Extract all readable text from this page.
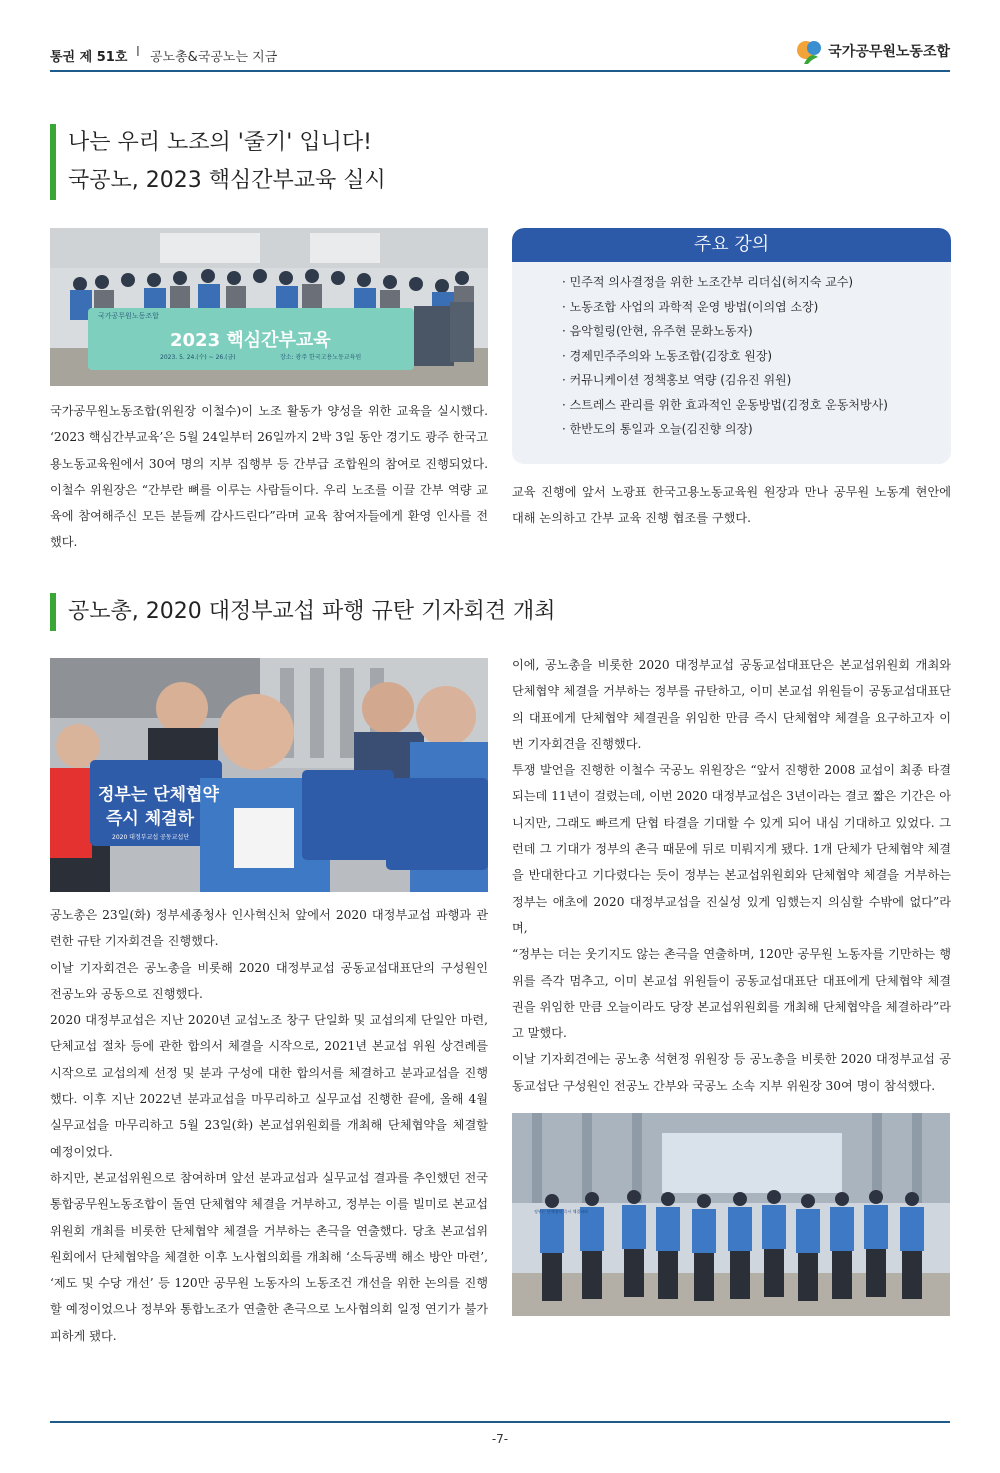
통권 제 51호 I 공노총&국공노는 지금	국가공무원노동조합
나는 우리 노조의 '줄기' 입니다!
국공노, 2023 핵심간부교육 실시
국가공무원노동조합
2023 핵심간부교육
2023. 5. 24.(수) ~ 26.(금)	장소: 광주 한국고용노동교육원

국가공무원노동조합(위원장 이철수)이 노조 활동가 양성을 위한 교육을 실시했다. ‘2023 핵심간부교육’은 5월 24일부터 26일까지 2박 3일 동안 경기도 광주 한국고용노동교육원에서 30여 명의 지부 집행부 등 간부급 조합원의 참여로 진행되었다. 이철수 위원장은 “간부란 뼈를 이루는 사람들이다. 우리 노조를 이끌 간부 역량 교육에 참여해주신 모든 분들께 감사드린다”라며 교육 참여자들에게 환영 인사를 전했다.

주요 강의
· 민주적 의사결정을 위한 노조간부 리더십(허지숙 교수)
· 노동조합 사업의 과학적 운영 방법(이의엽 소장)
· 음악힐링(안현, 유주현 문화노동자)
· 경제민주주의와 노동조합(김장호 원장)
· 커뮤니케이션 정책홍보 역량 (김유진 위원)
· 스트레스 관리를 위한 효과적인 운동방법(김정호 운동처방사)
· 한반도의 통일과 오늘(김진향 의장)

교육 진행에 앞서 노광표 한국고용노동교육원 원장과 만나 공무원 노동계 현안에 대해 논의하고 간부 교육 진행 협조를 구했다.

공노총, 2020 대정부교섭 파행 규탄 기자회견 개최
정부는 단체협약
즉시 체결하
2020 대정부교섭 공동교섭단

공노총은 23일(화) 정부세종청사 인사혁신처 앞에서 2020 대정부교섭 파행과 관련한 규탄 기자회견을 진행했다.

이날 기자회견은 공노총을 비롯해 2020 대정부교섭 공동교섭대표단의 구성원인 전공노와 공동으로 진행했다.

2020 대정부교섭은 지난 2020년 교섭노조 창구 단일화 및 교섭의제 단일안 마련, 단체교섭 절차 등에 관한 합의서 체결을 시작으로, 2021년 본교섭 위원 상견례를 시작으로 교섭의제 선정 및 분과 구성에 대한 합의서를 체결하고 분과교섭을 진행했다. 이후 지난 2022년 분과교섭을 마무리하고 실무교섭 진행한 끝에, 올해 4월 실무교섭을 마무리하고 5월 23일(화) 본교섭위원회를 개최해 단체협약을 체결할 예정이었다.

하지만, 본교섭위원으로 참여하며 앞선 분과교섭과 실무교섭 결과를 추인했던 전국통합공무원노동조합이 돌연 단체협약 체결을 거부하고, 정부는 이를 빌미로 본교섭위원회 개최를 비롯한 단체협약 체결을 거부하는 촌극을 연출했다. 당초 본교섭위원회에서 단체협약을 체결한 이후 노사협의회를 개최해 ‘소득공백 해소 방안 마련’, ‘제도 및 수당 개선’ 등 120만 공무원 노동자의 노동조건 개선을 위한 논의를 진행할 예정이었으나 정부와 통합노조가 연출한 촌극으로 노사협의회 일정 연기가 불가피하게 됐다.

이에, 공노총을 비롯한 2020 대정부교섭 공동교섭대표단은 본교섭위원회 개최와 단체협약 체결을 거부하는 정부를 규탄하고, 이미 본교섭 위원들이 공동교섭대표단의 대표에게 단체협약 체결권을 위임한 만큼 즉시 단체협약 체결을 요구하고자 이번 기자회견을 진행했다.

투쟁 발언을 진행한 이철수 국공노 위원장은 “앞서 진행한 2008 교섭이 최종 타결되는데 11년이 걸렸는데, 이번 2020 대정부교섭은 3년이라는 결코 짧은 기간은 아니지만, 그래도 빠르게 단협 타결을 기대할 수 있게 되어 내심 기대하고 있었다. 그런데 그 기대가 정부의 촌극 때문에 뒤로 미뤄지게 됐다. 1개 단체가 단체협약 체결을 반대한다고 기다렸다는 듯이 정부는 본교섭위원회와 단체협약 체결을 거부하는 정부는 애초에 2020 대정부교섭을 진실성 있게 임했는지 의심할 수밖에 없다”라며,

“정부는 더는 웃기지도 않는 촌극을 연출하며, 120만 공무원 노동자를 기만하는 행위를 즉각 멈추고, 이미 본교섭 위원들이 공동교섭대표단 대표에게 단체협약 체결권을 위임한 만큼 오늘이라도 당장 본교섭위원회를 개최해 단체협약을 체결하라”라고 말했다.

이날 기자회견에는 공노총 석현정 위원장 등 공노총을 비롯한 2020 대정부교섭 공동교섭단 구성원인 전공노 간부와 국공노 소속 지부 위원장 30여 명이 참석했다.

정부는 단체협약 즉시 체결하라
-7-
